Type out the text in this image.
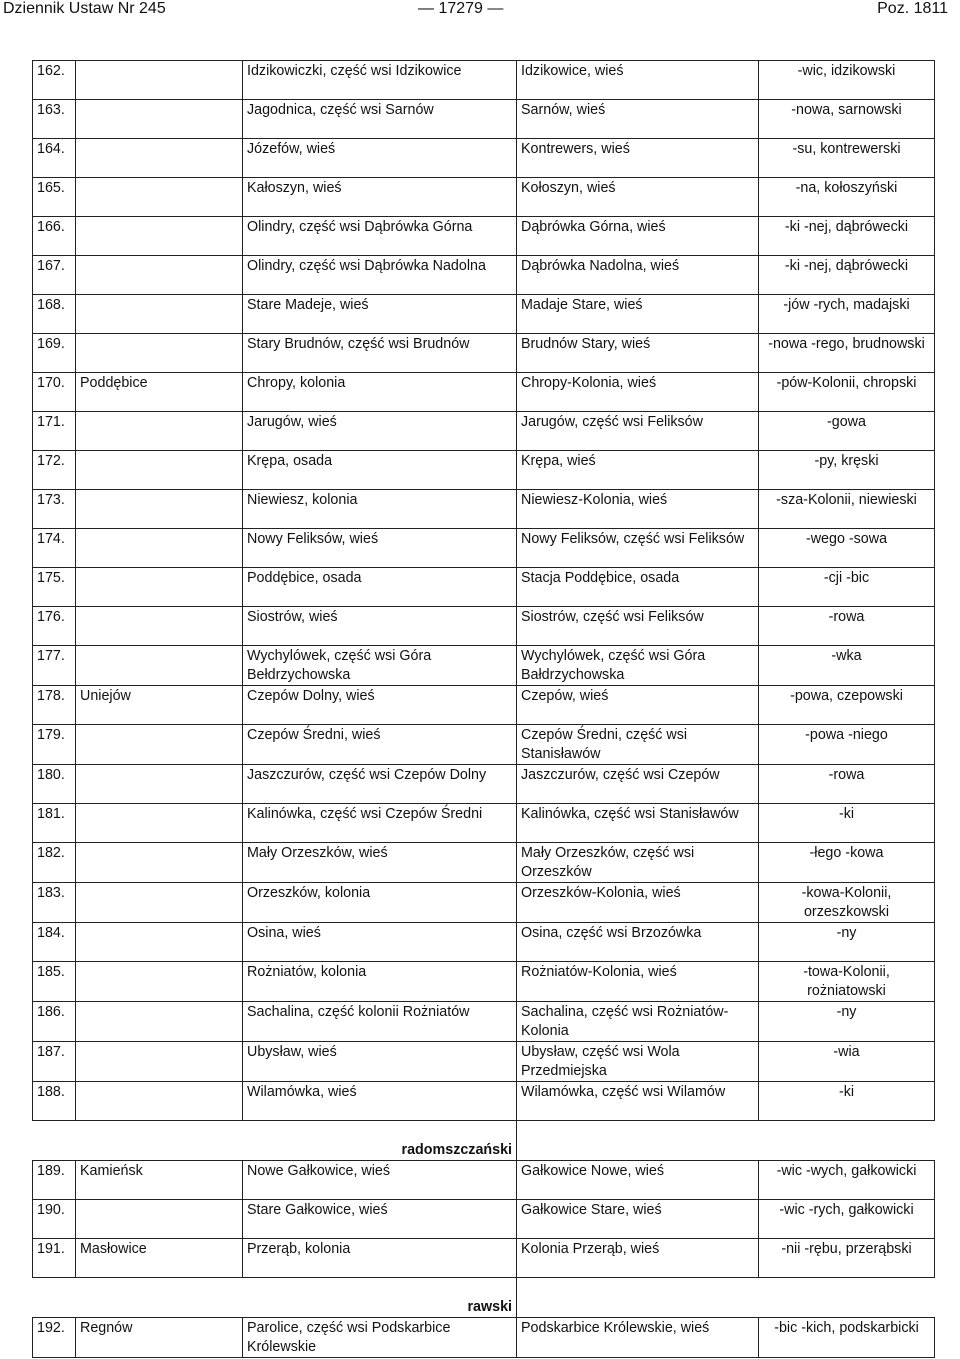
Dziennik Ustaw Nr 245	— 17279 —	Poz. 1811
162.		Idzikowiczki, część wsi Idzikowice	Idzikowice, wieś	-wic, idzikowski
163.		Jagodnica, część wsi Sarnów	Sarnów, wieś	-nowa, sarnowski
164.		Józefów, wieś	Kontrewers, wieś	-su, kontrewerski
165.		Kałoszyn, wieś	Kołoszyn, wieś	-na, kołoszyński
166.		Olindry, część wsi Dąbrówka Górna	Dąbrówka Górna, wieś	-ki -nej, dąbrówecki
167.		Olindry, część wsi Dąbrówka Nadolna	Dąbrówka Nadolna, wieś	-ki -nej, dąbrówecki
168.		Stare Madeje, wieś	Madaje Stare, wieś	-jów -rych, madajski
169.		Stary Brudnów, część wsi Brudnów	Brudnów Stary, wieś	-nowa -rego, brudnowski
170.	Poddębice	Chropy, kolonia	Chropy-Kolonia, wieś	-pów-Kolonii, chropski
171.		Jarugów, wieś	Jarugów, część wsi Feliksów	-gowa
172.		Krępa, osada	Krępa, wieś	-py, kręski
173.		Niewiesz, kolonia	Niewiesz-Kolonia, wieś	-sza-Kolonii, niewieski
174.		Nowy Feliksów, wieś	Nowy Feliksów, część wsi Feliksów	-wego -sowa
175.		Poddębice, osada	Stacja Poddębice, osada	-cji -bic
176.		Siostrów, wieś	Siostrów, część wsi Feliksów	-rowa
177.		Wychylówek, część wsi Góra Bełdrzychowska	Wychylówek, część wsi Góra Bałdrzychowska	-wka
178.	Uniejów	Czepów Dolny, wieś	Czepów, wieś	-powa, czepowski
179.		Czepów Średni, wieś	Czepów Średni, część wsi Stanisławów	-powa -niego
180.		Jaszczurów, część wsi Czepów Dolny	Jaszczurów, część wsi Czepów	-rowa
181.		Kalinówka, część wsi Czepów Średni	Kalinówka, część wsi Stanisławów	-ki
182.		Mały Orzeszków, wieś	Mały Orzeszków, część wsi Orzeszków	-łego -kowa
183.		Orzeszków, kolonia	Orzeszków-Kolonia, wieś	-kowa-Kolonii, orzeszkowski
184.		Osina, wieś	Osina, część wsi Brzozówka	-ny
185.		Rożniatów, kolonia	Rożniatów-Kolonia, wieś	-towa-Kolonii, rożniatowski
186.		Sachalina, część kolonii Rożniatów	Sachalina, część wsi Rożniatów-Kolonia	-ny
187.		Ubysław, wieś	Ubysław, część wsi Wola Przedmiejska	-wia
188.		Wilamówka, wieś	Wilamówka, część wsi Wilamów	-ki
	radomszczański			
189.	Kamieńsk	Nowe Gałkowice, wieś	Gałkowice Nowe, wieś	-wic -wych, gałkowicki
190.		Stare Gałkowice, wieś	Gałkowice Stare, wieś	-wic -rych, gałkowicki
191.	Masłowice	Przerąb, kolonia	Kolonia Przerąb, wieś	-nii -rębu, przerąbski
	rawski			
192.	Regnów	Parolice, część wsi Podskarbice Królewskie	Podskarbice Królewskie, wieś	-bic -kich, podskarbicki
